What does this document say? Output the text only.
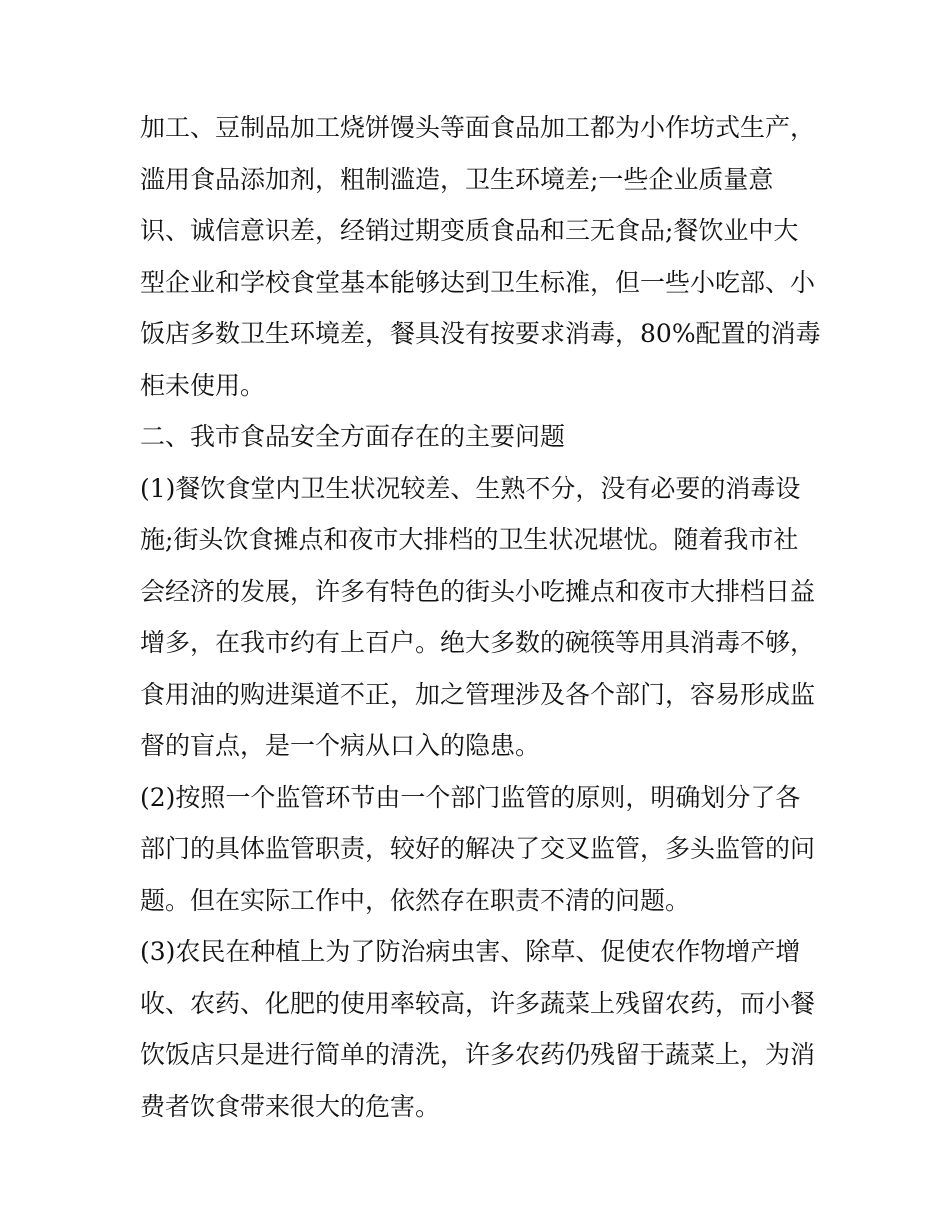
加工、豆制品加工烧饼馒头等面食品加工都为小作坊式生产，
滥用食品添加剂，粗制滥造，卫生环境差;一些企业质量意
识、诚信意识差，经销过期变质食品和三无食品;餐饮业中大
型企业和学校食堂基本能够达到卫生标准，但一些小吃部、小
饭店多数卫生环境差，餐具没有按要求消毒，80%配置的消毒
柜未使用。
二、我市食品安全方面存在的主要问题
(1)餐饮食堂内卫生状况较差、生熟不分，没有必要的消毒设
施;街头饮食摊点和夜市大排档的卫生状况堪忧。随着我市社
会经济的发展，许多有特色的街头小吃摊点和夜市大排档日益
增多，在我市约有上百户。绝大多数的碗筷等用具消毒不够，
食用油的购进渠道不正，加之管理涉及各个部门，容易形成监
督的盲点，是一个病从口入的隐患。
(2)按照一个监管环节由一个部门监管的原则，明确划分了各
部门的具体监管职责，较好的解决了交叉监管，多头监管的问
题。但在实际工作中，依然存在职责不清的问题。
(3)农民在种植上为了防治病虫害、除草、促使农作物增产增
收、农药、化肥的使用率较高，许多蔬菜上残留农药，而小餐
饮饭店只是进行简单的清洗，许多农药仍残留于蔬菜上，为消
费者饮食带来很大的危害。
